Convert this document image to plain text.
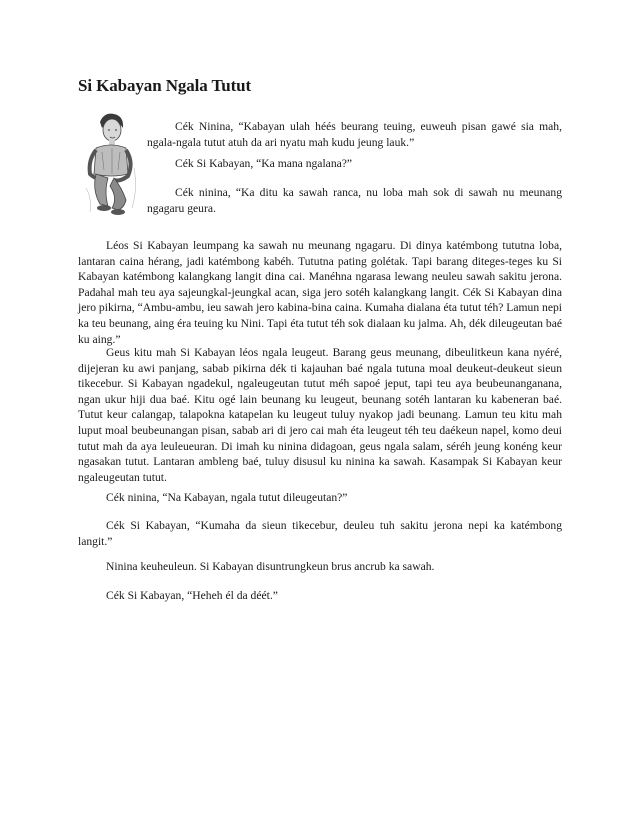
Si Kabayan Ngala Tutut

Cék Ninina, “Kabayan ulah héés beurang teuing, euweuh pisan gawé sia mah, ngala-ngala tutut atuh da ari nyatu mah kudu jeung lauk.”

Cék Si Kabayan, “Ka mana ngalana?”

Cék ninina, “Ka ditu ka sawah ranca, nu loba mah sok di sawah nu meunang ngagaru geura.

Léos Si Kabayan leumpang ka sawah nu meunang ngagaru. Di dinya katémbong tututna loba, lantaran caina hérang, jadi katémbong kabéh. Tututna pating golétak. Tapi barang diteges-teges ku Si Kabayan katémbong kalangkang langit dina cai. Manéhna ngarasa lewang neuleu sawah sakitu jerona. Padahal mah teu aya sajeungkal-jeungkal acan, siga jero sotéh kalangkang langit. Cék Si Kabayan dina jero pikirna, “Ambu-ambu, ieu sawah jero kabina-bina caina. Kumaha dialana éta tutut téh? Lamun nepi ka teu beunang, aing éra teuing ku Nini. Tapi éta tutut téh sok dialaan ku jalma. Ah, dék dileugeutan baé ku aing.”

Geus kitu mah Si Kabayan léos ngala leugeut. Barang geus meunang, dibeulitkeun kana nyéré, dijejeran ku awi panjang, sabab pikirna dék ti kajauhan baé ngala tutuna moal deukeut-deukeut sieun tikecebur. Si Kabayan ngadekul, ngaleugeutan tutut méh sapoé jeput, tapi teu aya beubeunanganana, ngan ukur hiji dua baé. Kitu ogé lain beunang ku leugeut, beunang sotéh lantaran ku kabeneran baé. Tutut keur calangap, talapokna katapelan ku leugeut tuluy nyakop jadi beunang. Lamun teu kitu mah luput moal beubeunangan pisan, sabab ari di jero cai mah éta leugeut téh teu daékeun napel, komo deui tutut mah da aya leuleueuran. Di imah ku ninina didagoan, geus ngala salam, séréh jeung konéng keur ngasakan tutut. Lantaran ambleng baé, tuluy disusul ku ninina ka sawah. Kasampak Si Kabayan keur ngaleugeutan tutut.

Cék ninina, “Na Kabayan, ngala tutut dileugeutan?”

Cék Si Kabayan, “Kumaha da sieun tikecebur, deuleu tuh sakitu jerona nepi ka katémbong langit.”

Ninina keuheuleun. Si Kabayan disuntrungkeun brus ancrub ka sawah.

Cék Si Kabayan, “Heheh él da déét.”
